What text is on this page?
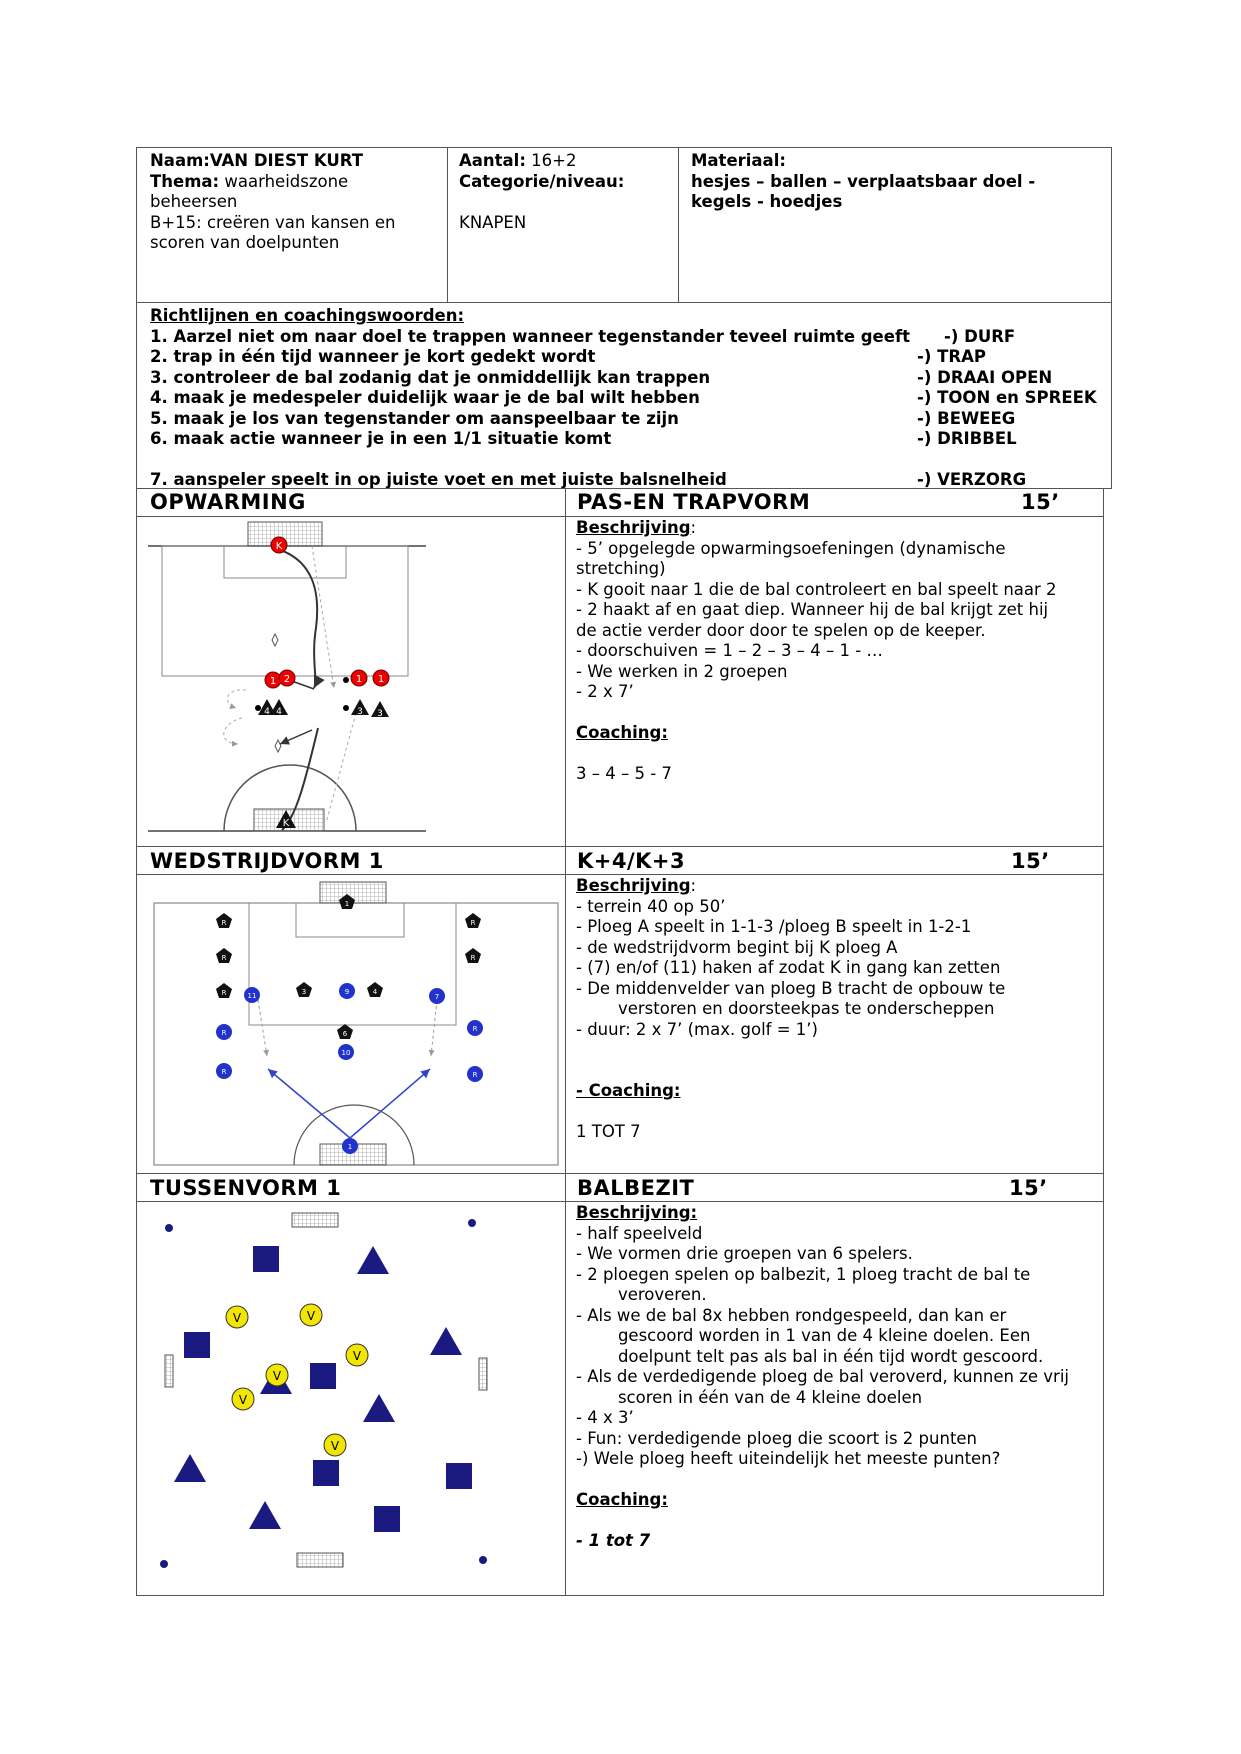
Naam:VAN DIEST KURT
Thema: waarheidszone
beheersen
B+15: creëren van kansen en
scoren van doelpunten
Aantal: 16+2
Categorie/niveau:
KNAPEN
Materiaal:
hesjes – ballen – verplaatsbaar doel -
kegels - hoedjes
Richtlijnen en coachingswoorden:
1. Aarzel niet om naar doel te trappen wanneer tegenstander teveel ruimte geeft -) DURF
2. trap in één tijd wanneer je kort gedekt wordt	-) TRAP
3. controleer de bal zodanig dat je onmiddellijk kan trappen	-) DRAAI OPEN
4. maak je medespeler duidelijk waar je de bal wilt hebben	-) TOON en SPREEK
5. maak je los van tegenstander om aanspeelbaar te zijn	-) BEWEEG
6. maak actie wanneer je in een 1/1 situatie komt	-) DRIBBEL
7. aanspeler speelt in op juiste voet en met juiste balsnelheid	-) VERZORG
OPWARMING	PAS-EN TRAPVORM	15’
Beschrijving:
- 5’ opgelegde opwarmingsoefeningen (dynamische
stretching)
- K gooit naar 1 die de bal controleert en bal speelt naar 2
- 2 haakt af en gaat diep. Wanneer hij de bal krijgt zet hij
de actie verder door door te spelen op de keeper.
- doorschuiven = 1 – 2 – 3 – 4 – 1 - …
- We werken in 2 groepen
- 2 x 7’
Coaching:
3 – 4 – 5 - 7
K
1 2	1 1
4 4	3 3
K
WEDSTRIJDVORM 1	K+4/K+3	15’
Beschrijving:
- terrein 40 op 50’
- Ploeg A speelt in 1-1-3 /ploeg B speelt in 1-2-1
- de wedstrijdvorm begint bij K ploeg A
- (7) en/of (11) haken af zodat K in gang kan zetten
- De middenvelder van ploeg B tracht de opbouw te
verstoren en doorsteekpas te onderscheppen
- duur: 2 x 7’ (max. golf = 1’)
- Coaching:
1 TOT 7
R
R
R
R
R
R
R
R
R
1
11	7
3	9	4
6
10
1
TUSSENVORM 1	BALBEZIT	15’
Beschrijving:
- half speelveld
- We vormen drie groepen van 6 spelers.
- 2 ploegen spelen op balbezit, 1 ploeg tracht de bal te
veroveren.
- Als we de bal 8x hebben rondgespeeld, dan kan er
gescoord worden in 1 van de 4 kleine doelen. Een
doelpunt telt pas als bal in één tijd wordt gescoord.
- Als de verdedigende ploeg de bal veroverd, kunnen ze vrij
scoren in één van de 4 kleine doelen
- 4 x 3’
- Fun: verdedigende ploeg die scoort is 2 punten
-) Wele ploeg heeft uiteindelijk het meeste punten?
Coaching:
- 1 tot 7
V	V
V
V
V
V
